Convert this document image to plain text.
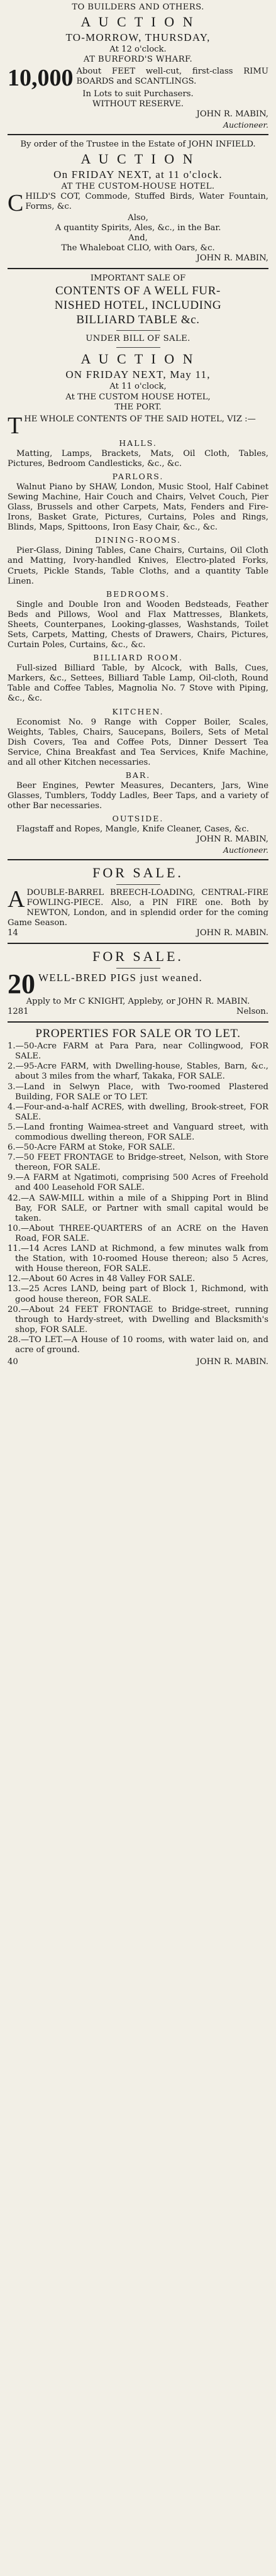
TO BUILDERS AND OTHERS.

A U C T I O N

TO-MORROW, THURSDAY,

At 12 o'clock.

AT BURFORD'S WHARF.

10,000 About FEET well-cut, first-class RIMU BOARDS and SCANTLINGS.

In Lots to suit Purchasers.

WITHOUT RESERVE.

JOHN R. MABIN,

Auctioneer.

By order of the Trustee in the Estate of JOHN INFIELD.

A U C T I O N

On FRIDAY NEXT, at 11 o'clock.

AT THE CUSTOM-HOUSE HOTEL.

C HILD'S COT, Commode, Stuffed Birds, Water Fountain, Forms, &c.

Also,

A quantity Spirits, Ales, &c., in the Bar.

And,

The Whaleboat CLIO, with Oars, &c.

JOHN R. MABIN,

IMPORTANT SALE OF

CONTENTS OF A WELL FUR-

NISHED HOTEL, INCLUDING

BILLIARD TABLE &c.

UNDER BILL OF SALE.

A U C T I O N

ON FRIDAY NEXT, May 11,

At 11 o'clock,

At THE CUSTOM HOUSE HOTEL,

THE PORT.

T HE WHOLE CONTENTS OF THE SAID HOTEL, VIZ :—

HALLS.

Matting, Lamps, Brackets, Mats, Oil Cloth, Tables, Pictures, Bedroom Candlesticks, &c., &c.

PARLORS.

Walnut Piano by SHAW, London, Music Stool, Half Cabinet Sewing Machine, Hair Couch and Chairs, Velvet Couch, Pier Glass, Brussels and other Carpets, Mats, Fenders and Fire-Irons, Basket Grate, Pictures, Curtains, Poles and Rings, Blinds, Maps, Spittoons, Iron Easy Chair, &c., &c.

DINING-ROOMS.

Pier-Glass, Dining Tables, Cane Chairs, Curtains, Oil Cloth and Matting, Ivory-handled Knives, Electro-plated Forks, Cruets, Pickle Stands, Table Cloths, and a quantity Table Linen.

BEDROOMS.

Single and Double Iron and Wooden Bedsteads, Feather Beds and Pillows, Wool and Flax Mattresses, Blankets, Sheets, Counterpanes, Looking-glasses, Washstands, Toilet Sets, Carpets, Matting, Chests of Drawers, Chairs, Pictures, Curtain Poles, Curtains, &c., &c.

BILLIARD ROOM.

Full-sized Billiard Table, by Alcock, with Balls, Cues, Markers, &c., Settees, Billiard Table Lamp, Oil-cloth, Round Table and Coffee Tables, Magnolia No. 7 Stove with Piping, &c., &c.

KITCHEN.

Economist No. 9 Range with Copper Boiler, Scales, Weights, Tables, Chairs, Saucepans, Boilers, Sets of Metal Dish Covers, Tea and Coffee Pots, Dinner Dessert Tea Service, China Breakfast and Tea Services, Knife Machine, and all other Kitchen necessaries.

BAR.

Beer Engines, Pewter Measures, Decanters, Jars, Wine Glasses, Tumblers, Toddy Ladles, Beer Taps, and a variety of other Bar necessaries.

OUTSIDE.

Flagstaff and Ropes, Mangle, Knife Cleaner, Cases, &c.

JOHN R. MABIN,

Auctioneer.

FOR SALE.

A DOUBLE-BARREL BREECH-LOADING, CENTRAL-FIRE FOWLING-PIECE. Also, a PIN FIRE one. Both by NEWTON, London, and in splendid order for the coming Game Season.

14	JOHN R. MABIN.

FOR SALE.

20 WELL-BRED PIGS just weaned.

Apply to Mr C KNIGHT, Appleby, or JOHN R. MABIN.

1281	Nelson.

PROPERTIES FOR SALE OR TO LET.

1.—50-Acre FARM at Para Para, near Collingwood, FOR SALE.

2.—95-Acre FARM, with Dwelling-house, Stables, Barn, &c., about 3 miles from the wharf, Takaka, FOR SALE.

3.—Land in Selwyn Place, with Two-roomed Plastered Building, FOR SALE or TO LET.

4.—Four-and-a-half ACRES, with dwelling, Brook-street, FOR SALE.

5.—Land fronting Waimea-street and Vanguard street, with commodious dwelling thereon, FOR SALE.

6.—50-Acre FARM at Stoke, FOR SALE.

7.—50 FEET FRONTAGE to Bridge-street, Nelson, with Store thereon, FOR SALE.

9.—A FARM at Ngatimoti, comprising 500 Acres of Freehold and 400 Leasehold FOR SALE.

42.—A SAW-MILL within a mile of a Shipping Port in Blind Bay, FOR SALE, or Partner with small capital would be taken.

10.—About THREE-QUARTERS of an ACRE on the Haven Road, FOR SALE.

11.—14 Acres LAND at Richmond, a few minutes walk from the Station, with 10-roomed House thereon; also 5 Acres, with House thereon, FOR SALE.

12.—About 60 Acres in 48 Valley FOR SALE.

13.—25 Acres LAND, being part of Block 1, Richmond, with good house thereon, FOR SALE.

20.—About 24 FEET FRONTAGE to Bridge-street, running through to Hardy-street, with Dwelling and Blacksmith's shop, FOR SALE.

28.—TO LET.—A House of 10 rooms, with water laid on, and acre of ground.

40	JOHN R. MABIN.
